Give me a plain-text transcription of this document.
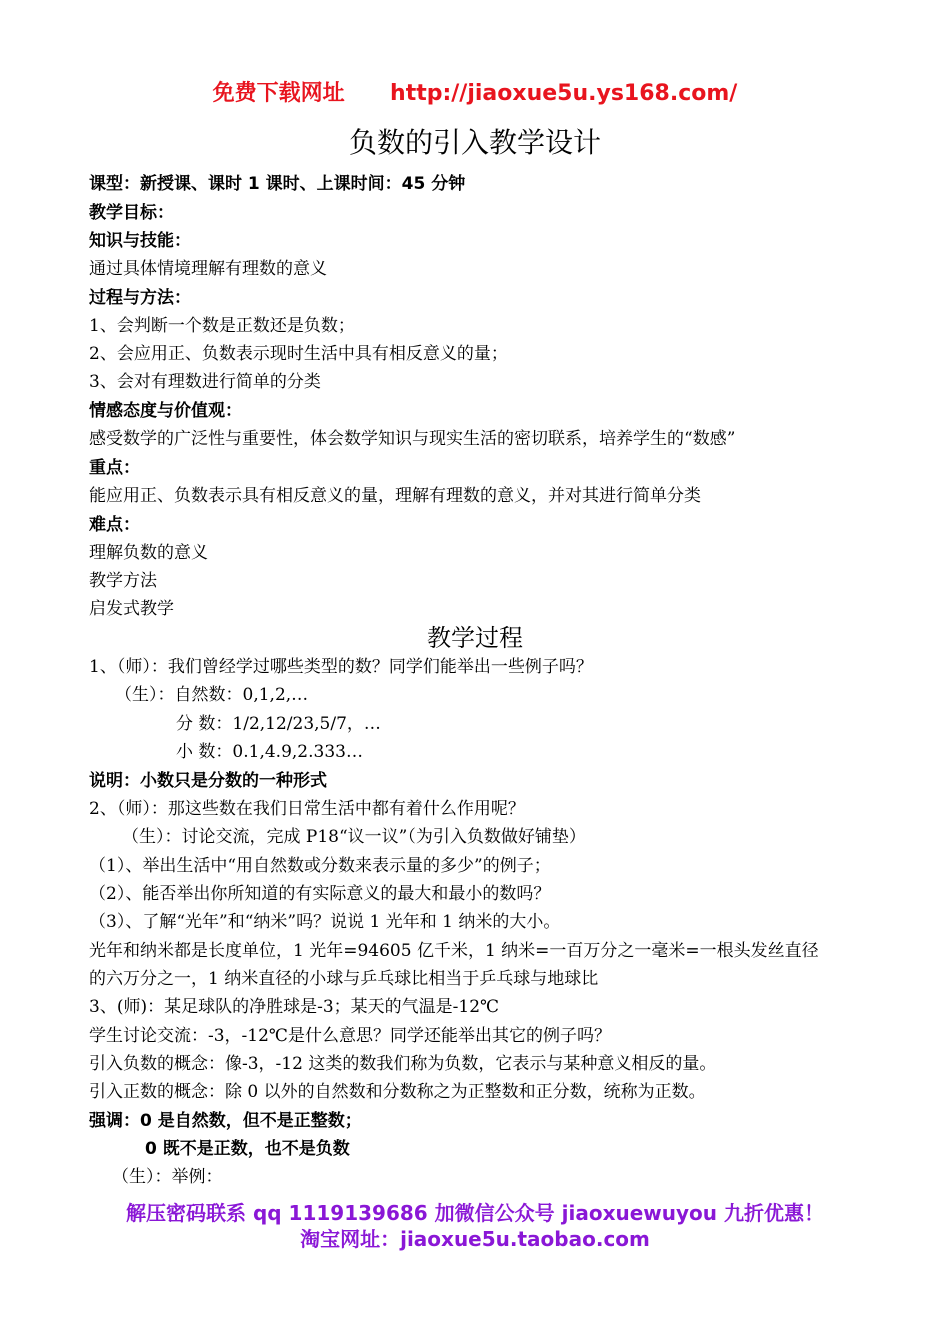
免费下载网址 http://jiaoxue5u.ys168.com/
负数的引入教学设计
课型：新授课、课时 1 课时、上课时间：45 分钟
教学目标：
知识与技能：
通过具体情境理解有理数的意义
过程与方法：
1、会判断一个数是正数还是负数；
2、会应用正、负数表示现时生活中具有相反意义的量；
3、会对有理数进行简单的分类
情感态度与价值观：
感受数学的广泛性与重要性，体会数学知识与现实生活的密切联系，培养学生的“数感”
重点：
能应用正、负数表示具有相反意义的量，理解有理数的意义，并对其进行简单分类
难点：
理解负数的意义
教学方法
启发式教学
教学过程
1、（师）：我们曾经学过哪些类型的数？同学们能举出一些例子吗？
（生）：自然数：0,1,2,…
分 数：1/2,12/23,5/7，…
小 数：0.1,4.9,2.333…
说明：小数只是分数的一种形式
2、（师）：那这些数在我们日常生活中都有着什么作用呢？
（生）：讨论交流，完成 P18“议一议”（为引入负数做好铺垫）
（1）、举出生活中“用自然数或分数来表示量的多少”的例子；
（2）、能否举出你所知道的有实际意义的最大和最小的数吗？
（3）、了解“光年”和“纳米”吗？说说 1 光年和 1 纳米的大小。
光年和纳米都是长度单位，1 光年=94605 亿千米，1 纳米=一百万分之一毫米=一根头发丝直径
的六万分之一，1 纳米直径的小球与乒乓球比相当于乒乓球与地球比
3、(师)：某足球队的净胜球是-3；某天的气温是-12℃
学生讨论交流：-3，-12℃是什么意思？同学还能举出其它的例子吗？
引入负数的概念：像-3，-12 这类的数我们称为负数，它表示与某种意义相反的量。
引入正数的概念：除 0 以外的自然数和分数称之为正整数和正分数，统称为正数。
强调：0 是自然数，但不是正整数；
0 既不是正数，也不是负数
（生）：举例：
解压密码联系 qq 1119139686 加微信公众号 jiaoxuewuyou 九折优惠！
淘宝网址：jiaoxue5u.taobao.com
